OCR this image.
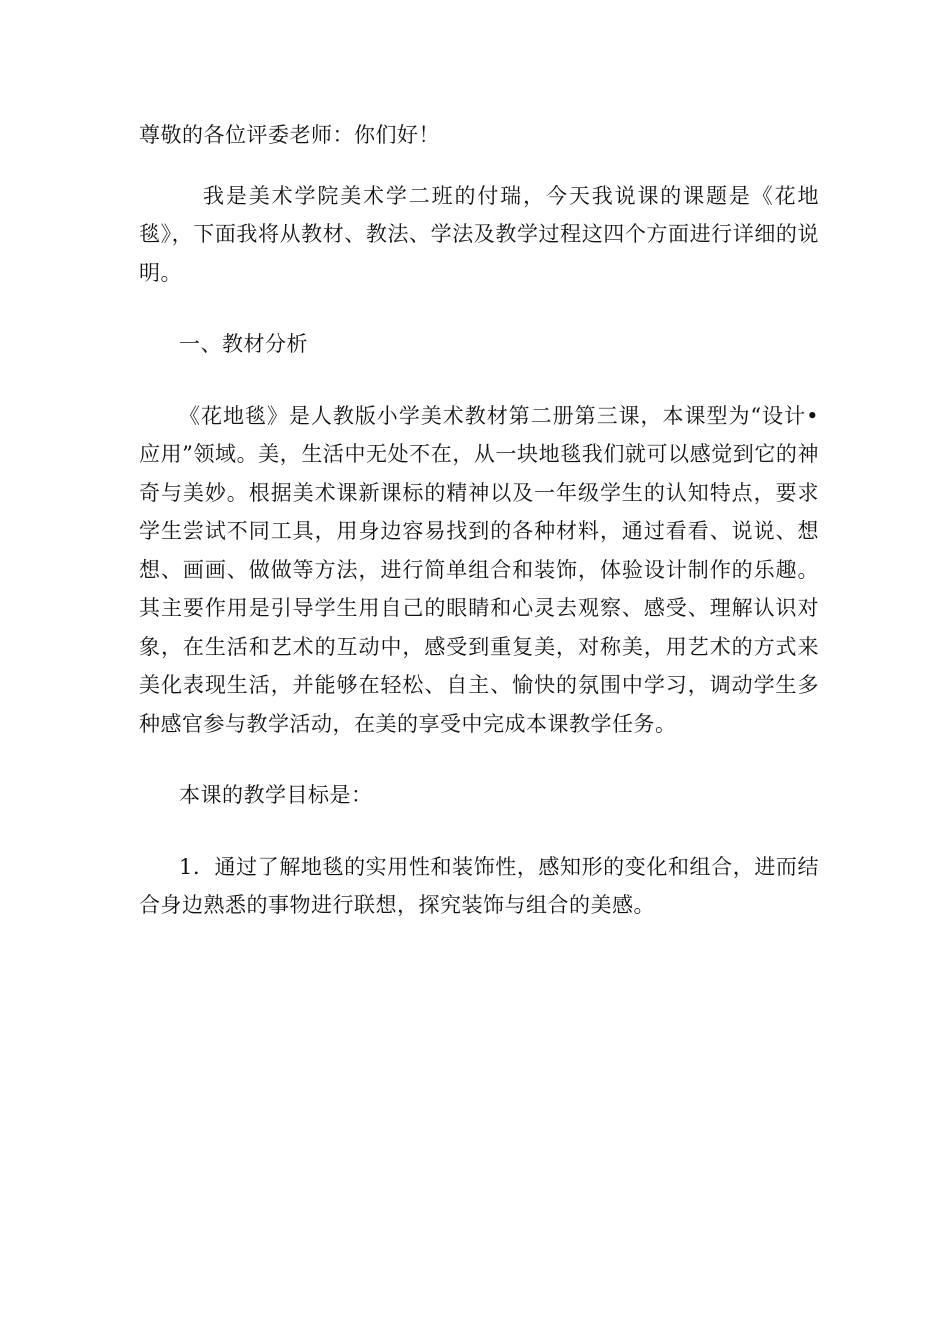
尊敬的各位评委老师：你们好！

我是美术学院美术学二班的付瑞，今天我说课的课题是《花地毯》，下面我将从教材、教法、学法及教学过程这四个方面进行详细的说明。

一、教材分析

《花地毯》是人教版小学美术教材第二册第三课，本课型为“设计•应用”领域。美，生活中无处不在，从一块地毯我们就可以感觉到它的神奇与美妙。根据美术课新课标的精神以及一年级学生的认知特点，要求学生尝试不同工具，用身边容易找到的各种材料，通过看看、说说、想想、画画、做做等方法，进行简单组合和装饰，体验设计制作的乐趣。其主要作用是引导学生用自己的眼睛和心灵去观察、感受、理解认识对象，在生活和艺术的互动中，感受到重复美，对称美，用艺术的方式来美化表现生活，并能够在轻松、自主、愉快的氛围中学习，调动学生多种感官参与教学活动，在美的享受中完成本课教学任务。

本课的教学目标是：

1．通过了解地毯的实用性和装饰性，感知形的变化和组合，进而结合身边熟悉的事物进行联想，探究装饰与组合的美感。
